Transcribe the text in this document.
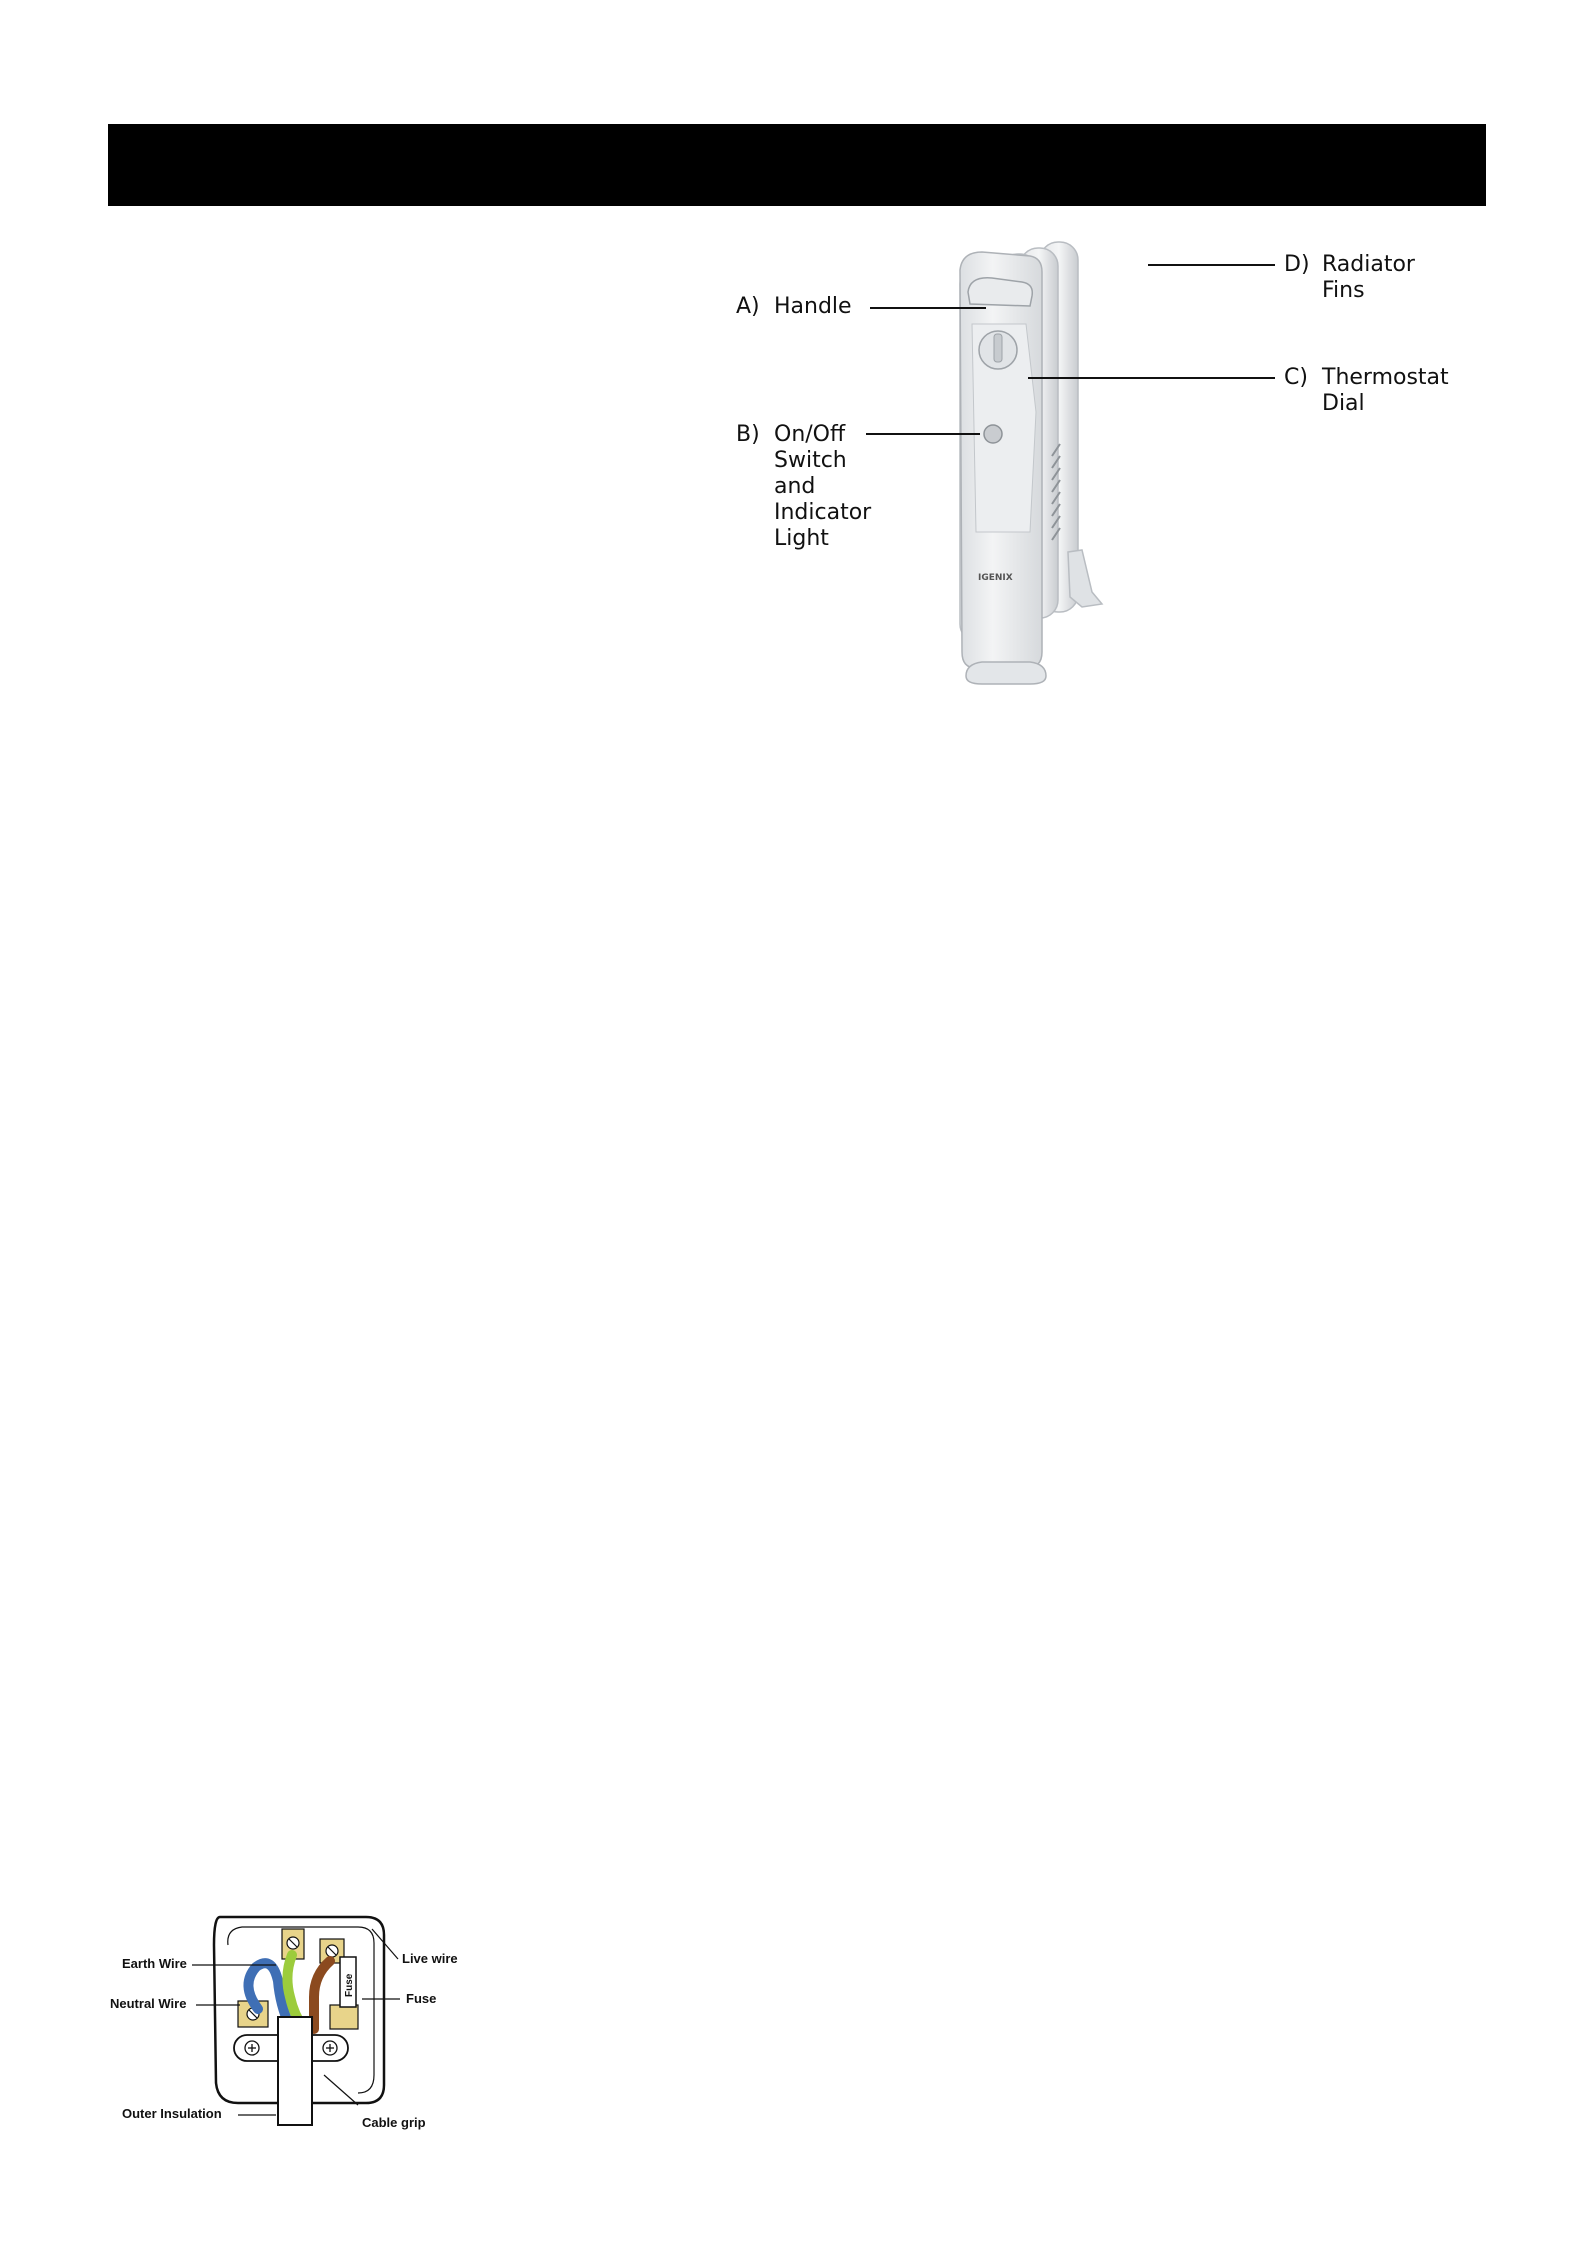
IGENIX
A) Handle
B) On/Off
Switch
and
Indicator
Light
C) Thermostat
Dial
D) Radiator
Fins
Fuse
Earth Wire
Neutral Wire
Outer Insulation
Live wire
Fuse
Cable grip
